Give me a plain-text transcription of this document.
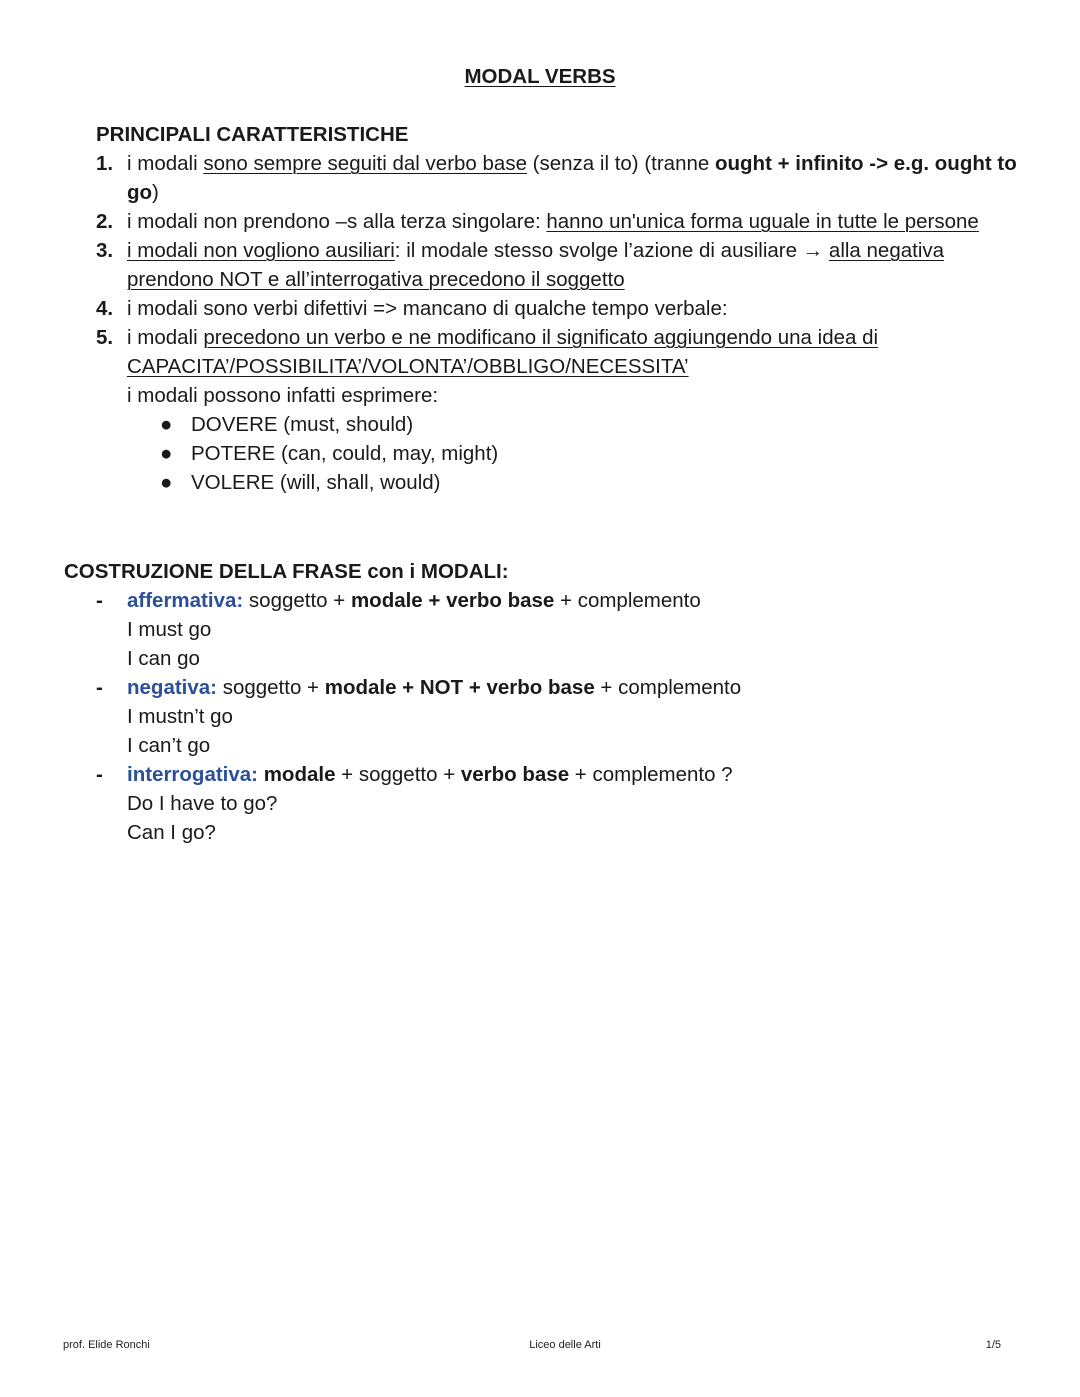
MODAL VERBS
PRINCIPALI CARATTERISTICHE
1. i modali sono sempre seguiti dal verbo base (senza il to) (tranne ought + infinito -> e.g. ought to go)
2. i modali non prendono –s alla terza singolare: hanno un'unica forma uguale in tutte le persone
3. i modali non vogliono ausiliari: il modale stesso svolge l’azione di ausiliare → alla negativa prendono NOT e all’interrogativa precedono il soggetto
4. i modali sono verbi difettivi => mancano di qualche tempo verbale:
5. i modali precedono un verbo e ne modificano il significato aggiungendo una idea di CAPACITA’/POSSIBILITA’/VOLONTA’/OBBLIGO/NECESSITA’
i modali possono infatti esprimere:
● DOVERE (must, should)
● POTERE (can, could, may, might)
● VOLERE (will, shall, would)
COSTRUZIONE DELLA FRASE con i MODALI:
- affermativa: soggetto + modale + verbo base + complemento
I must go
I can go
- negativa: soggetto + modale + NOT + verbo base + complemento
I mustn’t go
I can’t go
- interrogativa: modale + soggetto + verbo base + complemento ?
Do I have to go?
Can I go?
prof. Elide Ronchi	Liceo delle Arti	1/5
